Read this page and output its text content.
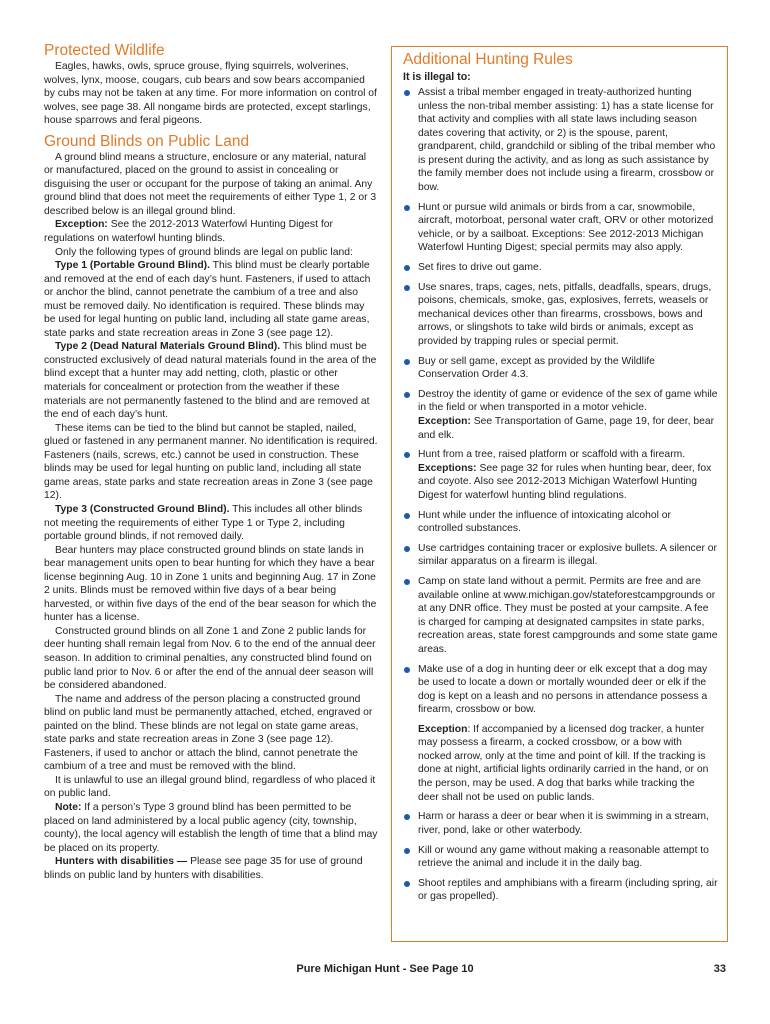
Protected Wildlife

Eagles, hawks, owls, spruce grouse, flying squirrels, wolverines, wolves, lynx, moose, cougars, cub bears and sow bears accompanied by cubs may not be taken at any time. For more information on control of wolves, see page 38. All nongame birds are protected, except starlings, house sparrows and feral pigeons.

Ground Blinds on Public Land

A ground blind means a structure, enclosure or any material, natural or manufactured, placed on the ground to assist in concealing or disguising the user or occupant for the purpose of taking an animal. Any ground blind that does not meet the requirements of either Type 1, 2 or 3 described below is an illegal ground blind.

Exception: See the 2012-2013 Waterfowl Hunting Digest for regulations on waterfowl hunting blinds.

Only the following types of ground blinds are legal on public land:

Type 1 (Portable Ground Blind). This blind must be clearly portable and removed at the end of each day’s hunt. Fasteners, if used to attach or anchor the blind, cannot penetrate the cambium of a tree and also must be removed daily. No identification is required. These blinds may be used for legal hunting on public land, including all state game areas, state parks and state recreation areas in Zone 3 (see page 12).

Type 2 (Dead Natural Materials Ground Blind). This blind must be constructed exclusively of dead natural materials found in the area of the blind except that a hunter may add netting, cloth, plastic or other materials for concealment or protection from the weather if these materials are not permanently fastened to the blind and are removed at the end of each day’s hunt.

These items can be tied to the blind but cannot be stapled, nailed, glued or fastened in any permanent manner. No identification is required. Fasteners (nails, screws, etc.) cannot be used in construction. These blinds may be used for legal hunting on public land, including all state game areas, state parks and state recreation areas in Zone 3 (see page 12).

Type 3 (Constructed Ground Blind). This includes all other blinds not meeting the requirements of either Type 1 or Type 2, including portable ground blinds, if not removed daily.

Bear hunters may place constructed ground blinds on state lands in bear management units open to bear hunting for which they have a bear license beginning Aug. 10 in Zone 1 units and beginning Aug. 17 in Zone 2 units. Blinds must be removed within five days of a bear being harvested, or within five days of the end of the bear season for which the hunter has a license.

Constructed ground blinds on all Zone 1 and Zone 2 public lands for deer hunting shall remain legal from Nov. 6 to the end of the annual deer season. In addition to criminal penalties, any constructed blind found on public land prior to Nov. 6 or after the end of the annual deer season will be considered abandoned.

The name and address of the person placing a constructed ground blind on public land must be permanently attached, etched, engraved or painted on the blind. These blinds are not legal on state game areas, state parks and state recreation areas in Zone 3 (see page 12). Fasteners, if used to anchor or attach the blind, cannot penetrate the cambium of a tree and must be removed with the blind.

It is unlawful to use an illegal ground blind, regardless of who placed it on public land.

Note: If a person’s Type 3 ground blind has been permitted to be placed on land administered by a local public agency (city, township, county), the local agency will establish the length of time that a blind may be placed on its property.

Hunters with disabilities — Please see page 35 for use of ground blinds on public land by hunters with disabilities.

Additional Hunting Rules
It is illegal to:
Assist a tribal member engaged in treaty-authorized hunting unless the non-tribal member assisting: 1) has a state license for that activity and complies with all state laws including season dates covering that activity, or 2) is the spouse, parent, grandparent, child, grandchild or sibling of the tribal member who is present during the activity, and as long as such assistance by the family member does not include using a firearm, crossbow or bow.
Hunt or pursue wild animals or birds from a car, snowmobile, aircraft, motorboat, personal water craft, ORV or other motorized vehicle, or by a sailboat. Exceptions: See 2012-2013 Michigan Waterfowl Hunting Digest; special permits may also apply.
Set fires to drive out game.
Use snares, traps, cages, nets, pitfalls, deadfalls, spears, drugs, poisons, chemicals, smoke, gas, explosives, ferrets, weasels or mechanical devices other than firearms, crossbows, bows and arrows, or slingshots to take wild birds or animals, except as provided by trapping rules or special permit.
Buy or sell game, except as provided by the Wildlife Conservation Order 4.3.
Destroy the identity of game or evidence of the sex of game while in the field or when transported in a motor vehicle.
Exception: See Transportation of Game, page 19, for deer, bear and elk.
Hunt from a tree, raised platform or scaffold with a firearm.
Exceptions: See page 32 for rules when hunting bear, deer, fox and coyote. Also see 2012-2013 Michigan Waterfowl Hunting Digest for waterfowl hunting blind regulations.
Hunt while under the influence of intoxicating alcohol or controlled substances.
Use cartridges containing tracer or explosive bullets. A silencer or similar apparatus on a firearm is illegal.
Camp on state land without a permit. Permits are free and are available online at www.michigan.gov/stateforestcampgrounds or at any DNR office. They must be posted at your campsite. A fee is charged for camping at designated campsites in state parks, recreation areas, state forest campgrounds and some state game areas.
Make use of a dog in hunting deer or elk except that a dog may be used to locate a down or mortally wounded deer or elk if the dog is kept on a leash and no persons in attendance possess a firearm, crossbow or bow.
Exception: If accompanied by a licensed dog tracker, a hunter may possess a firearm, a cocked crossbow, or a bow with nocked arrow, only at the time and point of kill. If the tracking is done at night, artificial lights ordinarily carried in the hand, or on the person, may be used. A dog that barks while tracking the deer shall not be used on public lands.
Harm or harass a deer or bear when it is swimming in a stream, river, pond, lake or other waterbody.
Kill or wound any game without making a reasonable attempt to retrieve the animal and include it in the daily bag.
Shoot reptiles and amphibians with a firearm (including spring, air or gas propelled).
Pure Michigan Hunt - See Page 10	33
